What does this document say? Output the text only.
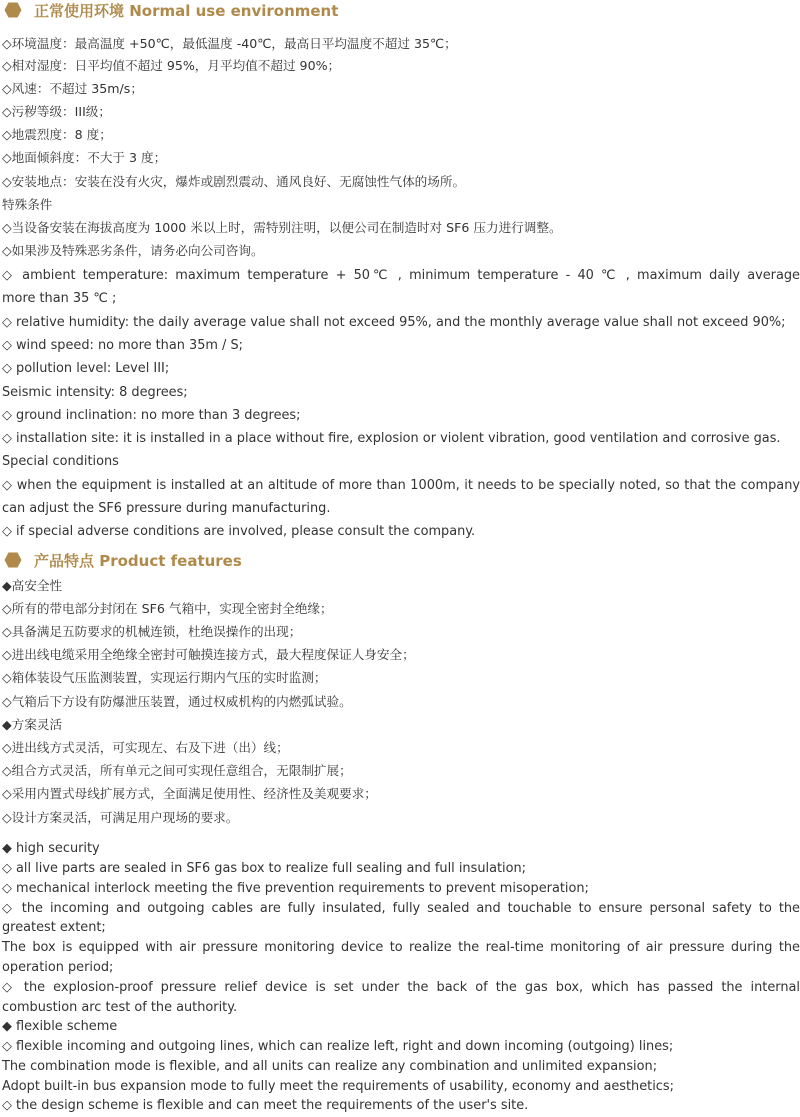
正常使用环境 Normal use environment
◇环境温度：最高温度 +50℃，最低温度 -40℃，最高日平均温度不超过 35℃；
◇相对湿度：日平均值不超过 95%，月平均值不超过 90%；
◇风速：不超过 35m/s；
◇污秽等级：III级；
◇地震烈度：8 度；
◇地面倾斜度：不大于 3 度；
◇安装地点：安装在没有火灾，爆炸或剧烈震动、通风良好、无腐蚀性气体的场所。
特殊条件
◇当设备安装在海拔高度为 1000 米以上时，需特别注明，以便公司在制造时对 SF6 压力进行调整。
◇如果涉及特殊恶劣条件，请务必向公司咨询。
◇ ambient temperature: maximum temperature + 50℃ , minimum temperature - 40 ℃ , maximum daily average
more than 35 ℃ ;
◇ relative humidity: the daily average value shall not exceed 95%, and the monthly average value shall not exceed 90%;
◇ wind speed: no more than 35m / S;
◇ pollution level: Level III;
Seismic intensity: 8 degrees;
◇ ground inclination: no more than 3 degrees;
◇ installation site: it is installed in a place without fire, explosion or violent vibration, good ventilation and corrosive gas.
Special conditions
◇ when the equipment is installed at an altitude of more than 1000m, it needs to be specially noted, so that the company
can adjust the SF6 pressure during manufacturing.
◇ if special adverse conditions are involved, please consult the company.
产品特点 Product features
◆高安全性
◇所有的带电部分封闭在 SF6 气箱中，实现全密封全绝缘；
◇具备满足五防要求的机械连锁，杜绝误操作的出现；
◇进出线电缆采用全绝缘全密封可触摸连接方式，最大程度保证人身安全；
◇箱体装设气压监测装置，实现运行期内气压的实时监测；
◇气箱后下方设有防爆泄压装置，通过权威机构的内燃弧试验。
◆方案灵活
◇进出线方式灵活，可实现左、右及下进（出）线；
◇组合方式灵活，所有单元之间可实现任意组合，无限制扩展；
◇采用内置式母线扩展方式，全面满足使用性、经济性及美观要求；
◇设计方案灵活，可满足用户现场的要求。
◆ high security
◇ all live parts are sealed in SF6 gas box to realize full sealing and full insulation;
◇ mechanical interlock meeting the five prevention requirements to prevent misoperation;
◇ the incoming and outgoing cables are fully insulated, fully sealed and touchable to ensure personal safety to the
greatest extent;
The box is equipped with air pressure monitoring device to realize the real-time monitoring of air pressure during the
operation period;
◇ the explosion-proof pressure relief device is set under the back of the gas box, which has passed the internal
combustion arc test of the authority.
◆ flexible scheme
◇ flexible incoming and outgoing lines, which can realize left, right and down incoming (outgoing) lines;
The combination mode is flexible, and all units can realize any combination and unlimited expansion;
Adopt built-in bus expansion mode to fully meet the requirements of usability, economy and aesthetics;
◇ the design scheme is flexible and can meet the requirements of the user's site.
